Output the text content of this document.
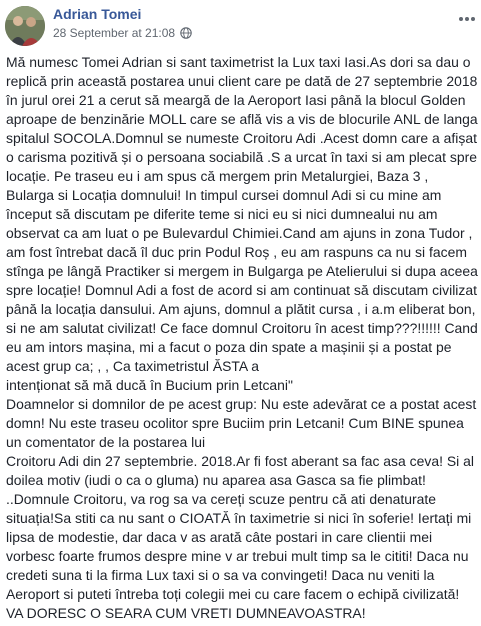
Adrian Tomei
28 September at 21:08
Mă numesc Tomei Adrian si sant taximetrist la Lux taxi Iasi.As dori sa dau o
replică prin această postarea unui client care pe dată de 27 septembrie 2018
în jurul orei 21 a cerut să meargă de la Aeroport Iasi până la blocul Golden
aproape de benzinărie MOLL care se află vis a vis de blocurile ANL de langa
spitalul SOCOLA.Domnul se numeste Croitoru Adi .Acest domn care a afișat
o carisma pozitivă și o persoana sociabilă .S a urcat în taxi si am plecat spre
locație. Pe traseu eu i am spus că mergem prin Metalurgiei, Baza 3 ,
Bulargа si Locația domnului! In timpul cursei domnul Adi si cu mine am
început să discutam pe diferite teme si nici eu si nici dumnealui nu am
observat ca am luat o pe Bulevardul Chimiei.Cand am ajuns in zona Tudor ,
am fost întrebat dacă îl duc prin Podul Roș , eu am raspuns ca nu si facem
stînga pe lângă Practiker si mergem in Bulgarga pe Atelierului si dupa aceea
spre locație! Domnul Adi a fost de acord si am continuat să discutam civilizat
până la locația dansului. Am ajuns, domnul a plătit cursa , i a.m eliberat bon,
si ne am salutat civilizat! Ce face domnul Croitoru în acest timp???!!!!!! Cand
eu am intors mașina, mi a facut o poza din spate a mașinii și a postat pe
acest grup ca; , , Ca taximetristul ĂSTA a
intenționat să mă ducă în Bucium prin Letcani"
Doamnelor si domnilor de pe acest grup: Nu este adevărat ce a postat acest
domn! Nu este traseu ocolitor spre Buciim prin Letcani! Cum BINE spunea
un comentator de la postarea lui
Croitoru Adi din 27 septembrie. 2018.Ar fi fost aberant sa fac asa ceva! Si al
doilea motiv (iudi o ca o gluma) nu aparea asa Gasca sa fie plimbat!
..Domnule Croitoru, va rog sa va cereți scuze pentru că ati denaturate
situația!Sa stiti ca nu sant o CIOATĂ în taximetrie si nici în soferie! Iertați mi
lipsa de modestie, dar daca v as arată câte postari in care clientii mei
vorbesc foarte frumos despre mine v ar trebui mult timp sa le cititi! Daca nu
credeti suna ti la firma Lux taxi si o sa va convingeti! Daca nu veniti la
Aeroport si puteti întreba toți colegii mei cu care facem o echipă civilizată!
VA DORESC O SEARA CUM VRETI DUMNEAVOASTRA!
